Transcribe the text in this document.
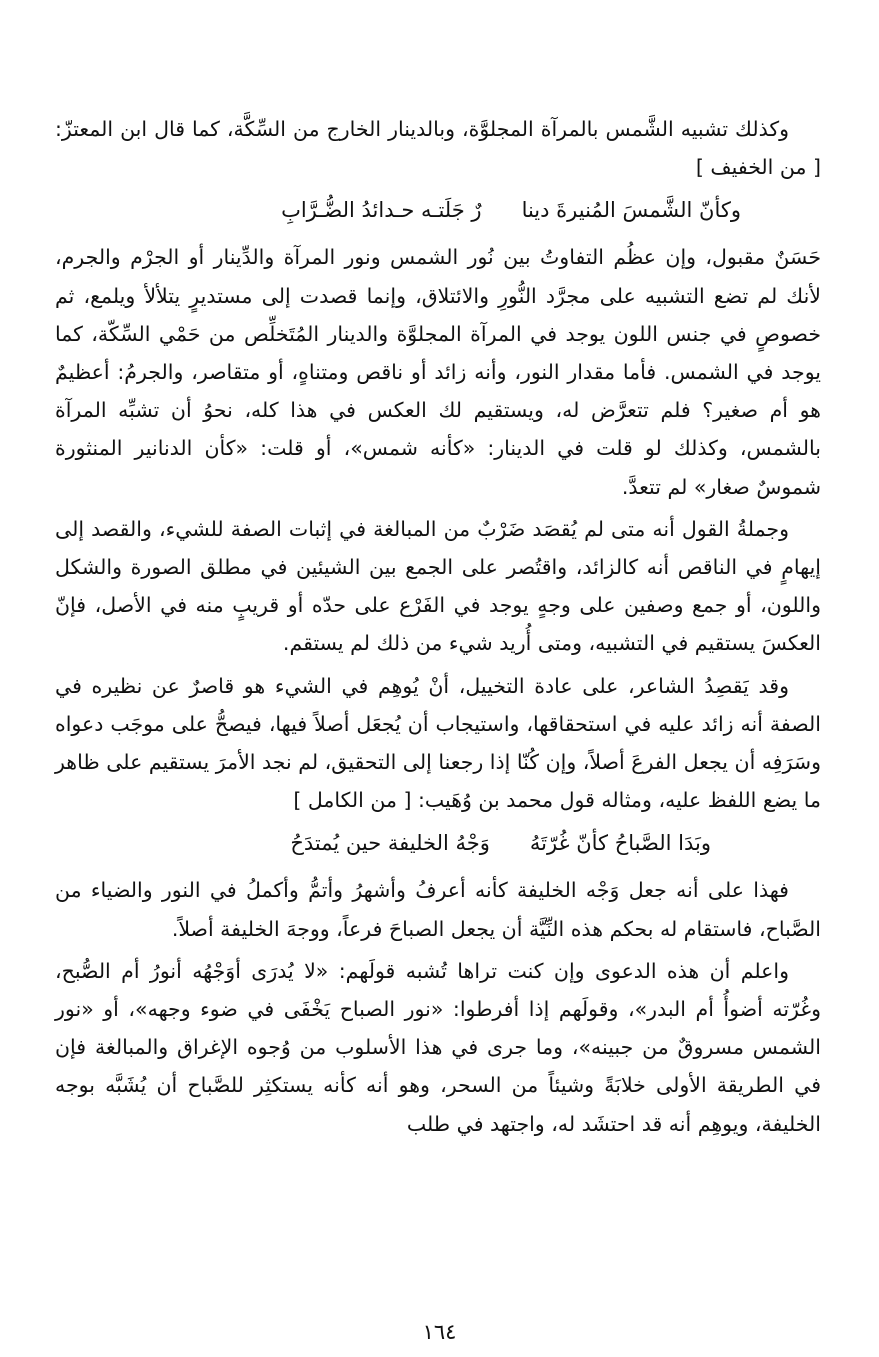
وكذلك تشبيه الشَّمس بالمرآة المجلوَّة، وبالدينار الخارج من السِّكَّة، كما قال ابن المعتزّ: [ من الخفيف ]

وكأنّ الشَّمسَ المُنيرةَ دينا
رٌ جَلَتـه حـدائدُ الضُّـرَّابِ

حَسَنٌ مقبول، وإن عظُم التفاوتُ بين نُور الشمس ونور المرآة والدِّينار أو الجرْم والجرم، لأنك لم تضع التشبيه على مجرَّد النُّورِ والائتلاق، وإنما قصدت إلى مستديرٍ يتلألأ ويلمع، ثم خصوصٍ في جنس اللون يوجد في المرآة المجلوَّة والدينار المُتَخلِّص من حَمْي السِّكّة، كما يوجد في الشمس. فأما مقدار النور، وأنه زائد أو ناقص ومتناهٍ، أو متقاصر، والجرمُ: أعظيمٌ هو أم صغير؟ فلم تتعرَّض له، ويستقيم لك العكس في هذا كله، نحوُ أن تشبِّه المرآة بالشمس، وكذلك لو قلت في الدينار: «كأنه شمس»، أو قلت: «كأن الدنانير المنثورة شموسٌ صغار» لم تتعدَّ.

وجملةُ القول أنه متى لم يُقصَد ضَرْبٌ من المبالغة في إثبات الصفة للشيء، والقصد إلى إيهامٍ في الناقص أنه كالزائد، واقتُصر على الجمع بين الشيئين في مطلق الصورة والشكل واللون، أو جمع وصفين على وجهٍ يوجد في الفَرْع على حدّه أو قريبٍ منه في الأصل، فإنّ العكسَ يستقيم في التشبيه، ومتى أُريد شيء من ذلك لم يستقم.

وقد يَقصِدُ الشاعر، على عادة التخييل، أنْ يُوهِم في الشيء هو قاصرٌ عن نظيره في الصفة أنه زائد عليه في استحقاقها، واستيجاب أن يُجعَل أصلاً فيها، فيصحُّ على موجَب دعواه وسَرَفِه أن يجعل الفرعَ أصلاً، وإن كُنّا إذا رجعنا إلى التحقيق، لم نجد الأمرَ يستقيم على ظاهر ما يضع اللفظ عليه، ومثاله قول محمد بن وُهَيب: [ من الكامل ]

وبَدَا الصَّباحُ كأنّ غُرّتَهُ
وَجْهُ الخليفة حين يُمتدَحُ

فهذا على أنه جعل وَجْه الخليفة كأنه أعرفُ وأشهرُ وأتمُّ وأكملُ في النور والضياء من الصَّباح، فاستقام له بحكم هذه النِّيَّة أن يجعل الصباحَ فرعاً، ووجهَ الخليفة أصلاً.

واعلم أن هذه الدعوى وإن كنت تراها تُشبه قولَهم: «لا يُدرَى أوَجْهُه أنورُ أم الصُّبح، وغُرّته أضوأُ أم البدر»، وقولَهم إذا أفرطوا: «نور الصباح يَخْفَى في ضوء وجهه»، أو «نور الشمس مسروقٌ من جبينه»، وما جرى في هذا الأسلوب من وُجوه الإغراق والمبالغة فإن في الطريقة الأولى خلابَةً وشيئاً من السحر، وهو أنه كأنه يستكثِر للصَّباح أن يُشَبَّه بوجه الخليفة، ويوهِم أنه قد احتشَد له، واجتهد في طلب

١٦٤
